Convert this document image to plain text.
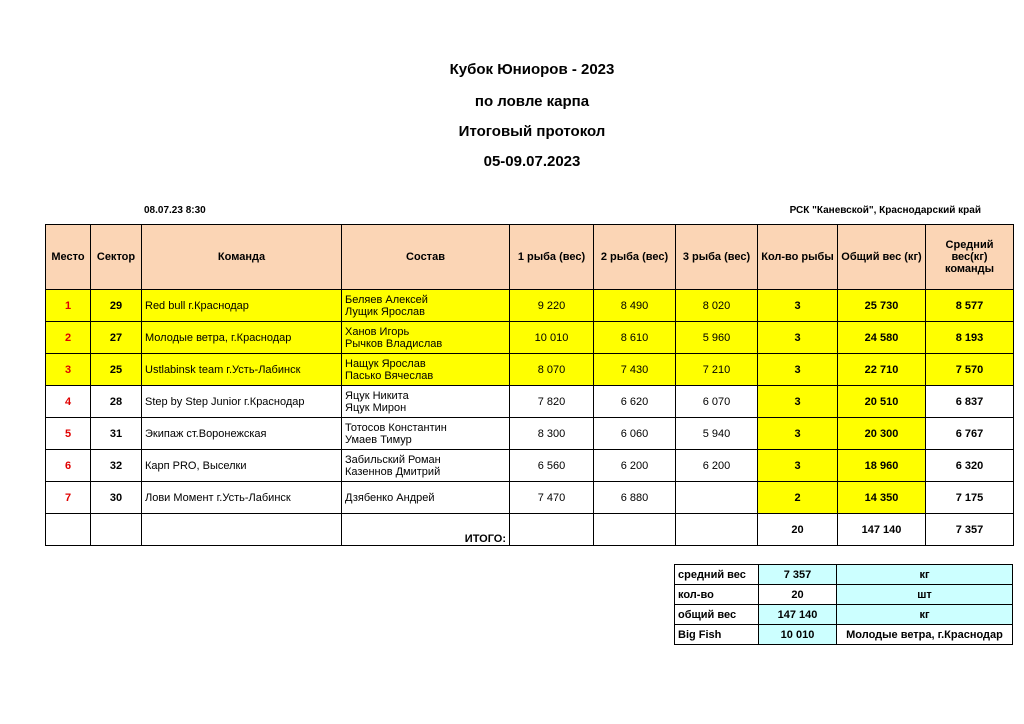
Кубок Юниоров - 2023
по ловле карпа
Итоговый протокол
05-09.07.2023
08.07.23 8:30	РСК "Каневской", Краснодарский край
Место	Сектор	Команда	Состав	1 рыба (вес)	2 рыба (вес)	3 рыба (вес)	Кол-во рыбы	Общий вес (кг)	Средний вес(кг) команды
1	29	Red bull г.Краснодар	Беляев Алексей
Лущик Ярослав	9 220	8 490	8 020	3	25 730	8 577
2	27	Молодые ветра, г.Краснодар	Ханов Игорь
Рычков Владислав	10 010	8 610	5 960	3	24 580	8 193
3	25	Ustlabinsk team г.Усть-Лабинск	Нащук Ярослав
Пасько Вячеслав	8 070	7 430	7 210	3	22 710	7 570
4	28	Step by Step Junior г.Краснодар	Яцук Никита
Яцук Мирон	7 820	6 620	6 070	3	20 510	6 837
5	31	Экипаж ст.Воронежская	Тотосов Константин
Умаев Тимур	8 300	6 060	5 940	3	20 300	6 767
6	32	Карп PRO, Выселки	Забильский Роман
Казеннов Дмитрий	6 560	6 200	6 200	3	18 960	6 320
7	30	Лови Момент г.Усть-Лабинск	Дзябенко Андрей	7 470	6 880		2	14 350	7 175
			ИТОГО:				20	147 140	7 357
средний вес	7 357	кг
кол-во	20	шт
общий вес	147 140	кг
Big Fish	10 010	Молодые ветра, г.Краснодар
